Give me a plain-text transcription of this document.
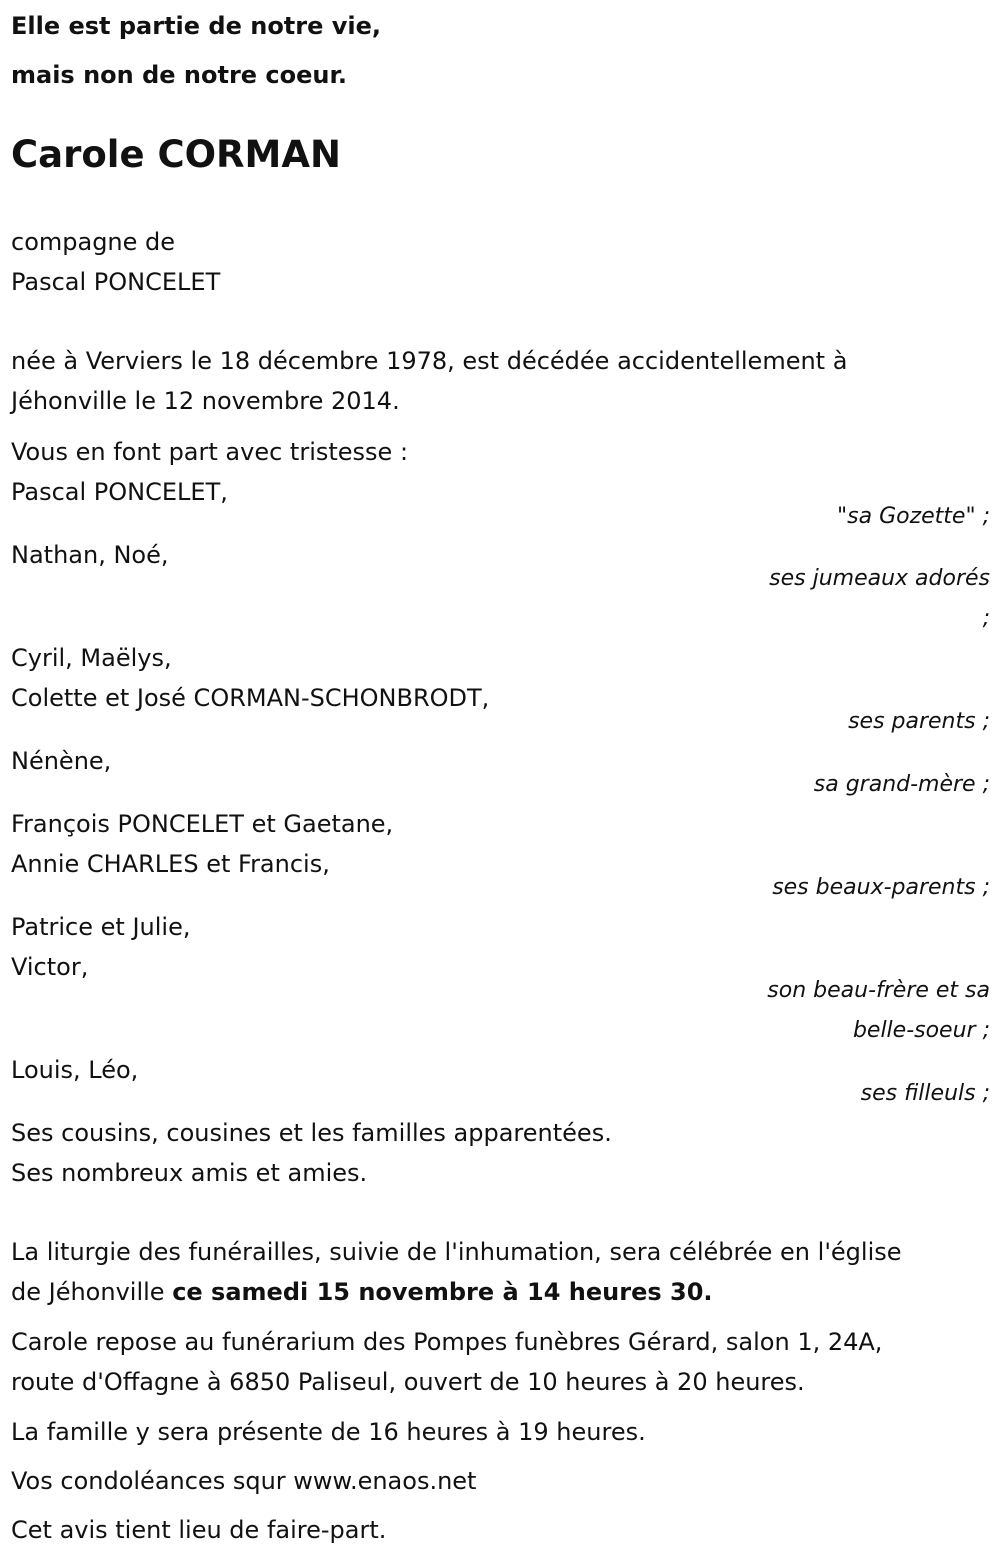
Elle est partie de notre vie,
mais non de notre coeur.
Carole CORMAN
compagne de
Pascal PONCELET
née à Verviers le 18 décembre 1978, est décédée accidentellement à
Jéhonville le 12 novembre 2014.
Vous en font part avec tristesse :
Pascal PONCELET,
"sa Gozette" ;
Nathan, Noé,
ses jumeaux adorés
;
Cyril, Maëlys,
Colette et José CORMAN-SCHONBRODT,
ses parents ;
Nénène,
sa grand-mère ;
François PONCELET et Gaetane,
Annie CHARLES et Francis,
ses beaux-parents ;
Patrice et Julie,
Victor,
son beau-frère et sa
belle-soeur ;
Louis, Léo,
ses filleuls ;
Ses cousins, cousines et les familles apparentées.
Ses nombreux amis et amies.
La liturgie des funérailles, suivie de l'inhumation, sera célébrée en l'église
de Jéhonville ce samedi 15 novembre à 14 heures 30.
Carole repose au funérarium des Pompes funèbres Gérard, salon 1, 24A,
route d'Offagne à 6850 Paliseul, ouvert de 10 heures à 20 heures.
La famille y sera présente de 16 heures à 19 heures.
Vos condoléances squr www.enaos.net
Cet avis tient lieu de faire-part.
